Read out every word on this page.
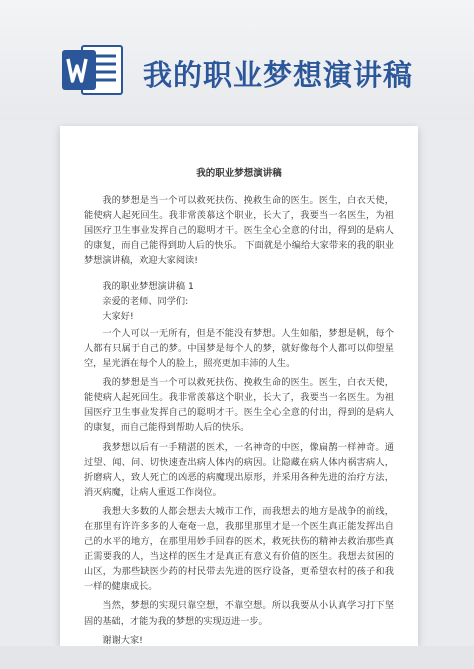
我的职业梦想演讲稿

我的职业梦想演讲稿

我的梦想是当一个可以救死扶伤、挽救生命的医生。医生，白衣天使，能使病人起死回生。我非常羡慕这个职业，长大了，我要当一名医生，为祖国医疗卫生事业发挥自己的聪明才干。医生全心全意的付出，得到的是病人的康复，而自己能得到助人后的快乐。 下面就是小编给大家带来的我的职业梦想演讲稿，欢迎大家阅读!

我的职业梦想演讲稿 1

亲爱的老师、同学们:

大家好!

一个人可以一无所有，但是不能没有梦想。人生如船，梦想是帆，每个人都有只属于自己的梦。中国梦是每个人的梦，就好像每个人都可以仰望星空，星光洒在每个人的脸上，照亮更加丰沛的人生。

我的梦想是当一个可以救死扶伤、挽救生命的医生。医生，白衣天使，能使病人起死回生。我非常羡慕这个职业，长大了，我要当一名医生。为祖国医疗卫生事业发挥自己的聪明才干。医生全心全意的付出，得到的是病人的康复，而自己能得到帮助人后的快乐。

我梦想以后有一手精湛的医术，一名神奇的中医，像扁鹊一样神奇。通过望、闻、问、切快速查出病人体内的病因。让隐藏在病人体内祸害病人，折磨病人，致人死亡的凶恶的病魔现出原形，并采用各种先进的治疗方法，消灭病魔，让病人重返工作岗位。

我想大多数的人都会想去大城市工作，而我想去的地方是战争的前线，在那里有许许多多的人奄奄一息，我那里那里才是一个医生真正能发挥出自己的水平的地方，在那里用妙手回春的医术，救死扶伤的精神去救治那些真正需要我的人，当这样的医生才是真正有意义有价值的医生。我想去贫困的山区，为那些缺医少药的村民带去先进的医疗设备，更希望农村的孩子和我一样的健康成长。

当然，梦想的实现只靠空想，不靠空想。所以我要从小认真学习打下坚固的基础，才能为我的梦想的实现迈进一步。

谢谢大家!
